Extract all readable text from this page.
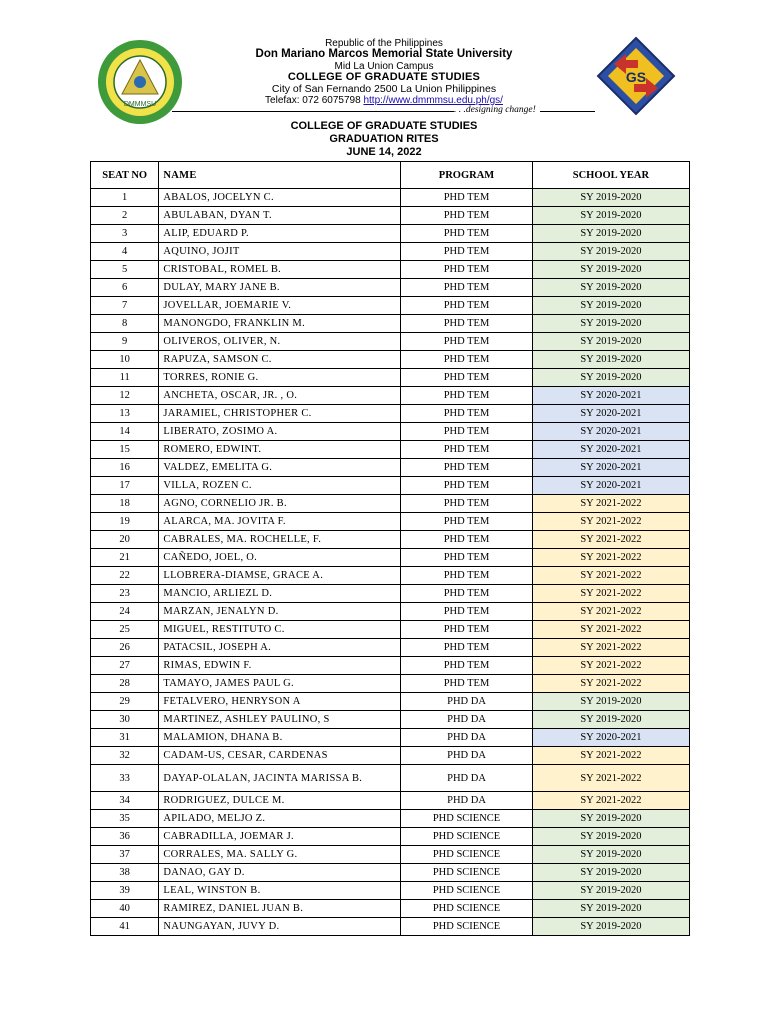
DMMMSU
Republic of the Philippines
Don Mariano Marcos Memorial State University
Mid La Union Campus
COLLEGE OF GRADUATE STUDIES
City of San Fernando 2500 La Union Philippines
Telefax: 072 6075798 http://www.dmmmsu.edu.ph/gs/
. . .designing change!
GS
COLLEGE OF GRADUATE STUDIES
GRADUATION RITES
JUNE 14, 2022
SEAT NO	NAME	PROGRAM	SCHOOL YEAR
1	ABALOS, JOCELYN C.	PHD TEM	SY 2019-2020
2	ABULABAN, DYAN T.	PHD TEM	SY 2019-2020
3	ALIP, EDUARD P.	PHD TEM	SY 2019-2020
4	AQUINO, JOJIT	PHD TEM	SY 2019-2020
5	CRISTOBAL, ROMEL B.	PHD TEM	SY 2019-2020
6	DULAY, MARY JANE B.	PHD TEM	SY 2019-2020
7	JOVELLAR, JOEMARIE V.	PHD TEM	SY 2019-2020
8	MANONGDO, FRANKLIN M.	PHD TEM	SY 2019-2020
9	OLIVEROS, OLIVER, N.	PHD TEM	SY 2019-2020
10	RAPUZA, SAMSON C.	PHD TEM	SY 2019-2020
11	TORRES, RONIE G.	PHD TEM	SY 2019-2020
12	ANCHETA, OSCAR, JR. , O.	PHD TEM	SY 2020-2021
13	JARAMIEL, CHRISTOPHER C.	PHD TEM	SY 2020-2021
14	LIBERATO, ZOSIMO A.	PHD TEM	SY 2020-2021
15	ROMERO, EDWINT.	PHD TEM	SY 2020-2021
16	VALDEZ, EMELITA G.	PHD TEM	SY 2020-2021
17	VILLA, ROZEN C.	PHD TEM	SY 2020-2021
18	AGNO, CORNELIO JR. B.	PHD TEM	SY 2021-2022
19	ALARCA, MA. JOVITA F.	PHD TEM	SY 2021-2022
20	CABRALES, MA. ROCHELLE, F.	PHD TEM	SY 2021-2022
21	CAÑEDO, JOEL, O.	PHD TEM	SY 2021-2022
22	LLOBRERA-DIAMSE, GRACE A.	PHD TEM	SY 2021-2022
23	MANCIO, ARLIEZL D.	PHD TEM	SY 2021-2022
24	MARZAN, JENALYN D.	PHD TEM	SY 2021-2022
25	MIGUEL, RESTITUTO C.	PHD TEM	SY 2021-2022
26	PATACSIL, JOSEPH A.	PHD TEM	SY 2021-2022
27	RIMAS, EDWIN F.	PHD TEM	SY 2021-2022
28	TAMAYO, JAMES PAUL G.	PHD TEM	SY 2021-2022
29	FETALVERO, HENRYSON A	PHD DA	SY 2019-2020
30	MARTINEZ, ASHLEY PAULINO, S	PHD DA	SY 2019-2020
31	MALAMION, DHANA B.	PHD DA	SY 2020-2021
32	CADAM-US, CESAR, CARDENAS	PHD DA	SY 2021-2022
33	DAYAP-OLALAN, JACINTA MARISSA B.	PHD DA	SY 2021-2022
34	RODRIGUEZ, DULCE M.	PHD DA	SY 2021-2022
35	APILADO, MELJO Z.	PHD SCIENCE	SY 2019-2020
36	CABRADILLA, JOEMAR J.	PHD SCIENCE	SY 2019-2020
37	CORRALES, MA. SALLY G.	PHD SCIENCE	SY 2019-2020
38	DANAO, GAY D.	PHD SCIENCE	SY 2019-2020
39	LEAL, WINSTON B.	PHD SCIENCE	SY 2019-2020
40	RAMIREZ, DANIEL JUAN B.	PHD SCIENCE	SY 2019-2020
41	NAUNGAYAN, JUVY D.	PHD SCIENCE	SY 2019-2020
